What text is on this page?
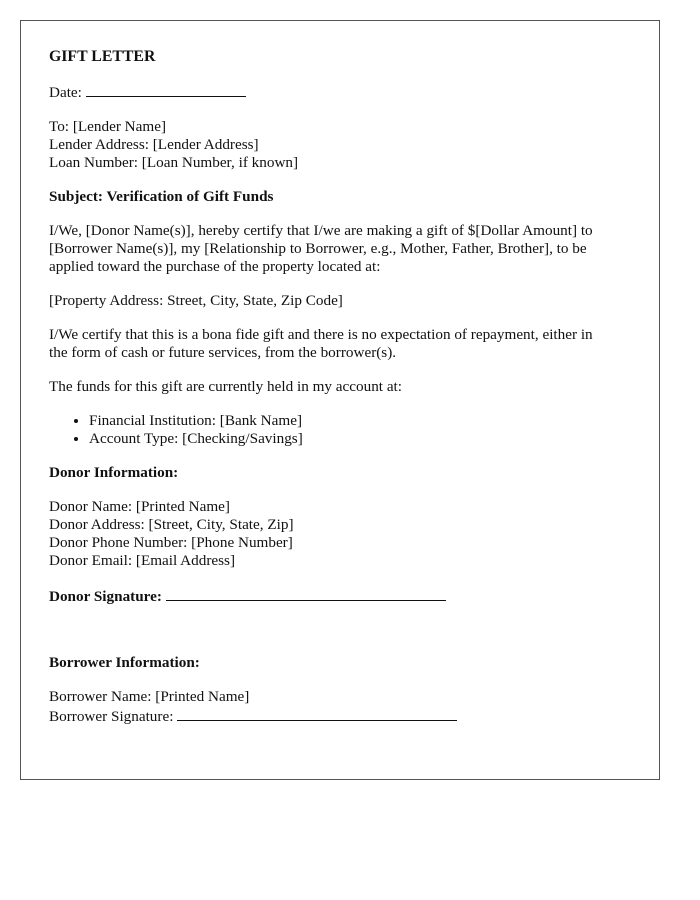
GIFT LETTER
Date:
To: [Lender Name]
Lender Address: [Lender Address]
Loan Number: [Loan Number, if known]
Subject: Verification of Gift Funds
I/We, [Donor Name(s)], hereby certify that I/we are making a gift of $[Dollar Amount] to
[Borrower Name(s)], my [Relationship to Borrower, e.g., Mother, Father, Brother], to be
applied toward the purchase of the property located at:
[Property Address: Street, City, State, Zip Code]
I/We certify that this is a bona fide gift and there is no expectation of repayment, either in
the form of cash or future services, from the borrower(s).
The funds for this gift are currently held in my account at:
• Financial Institution: [Bank Name]
• Account Type: [Checking/Savings]
Donor Information:
Donor Name: [Printed Name]
Donor Address: [Street, City, State, Zip]
Donor Phone Number: [Phone Number]
Donor Email: [Email Address]
Donor Signature:
Borrower Information:
Borrower Name: [Printed Name]
Borrower Signature:
